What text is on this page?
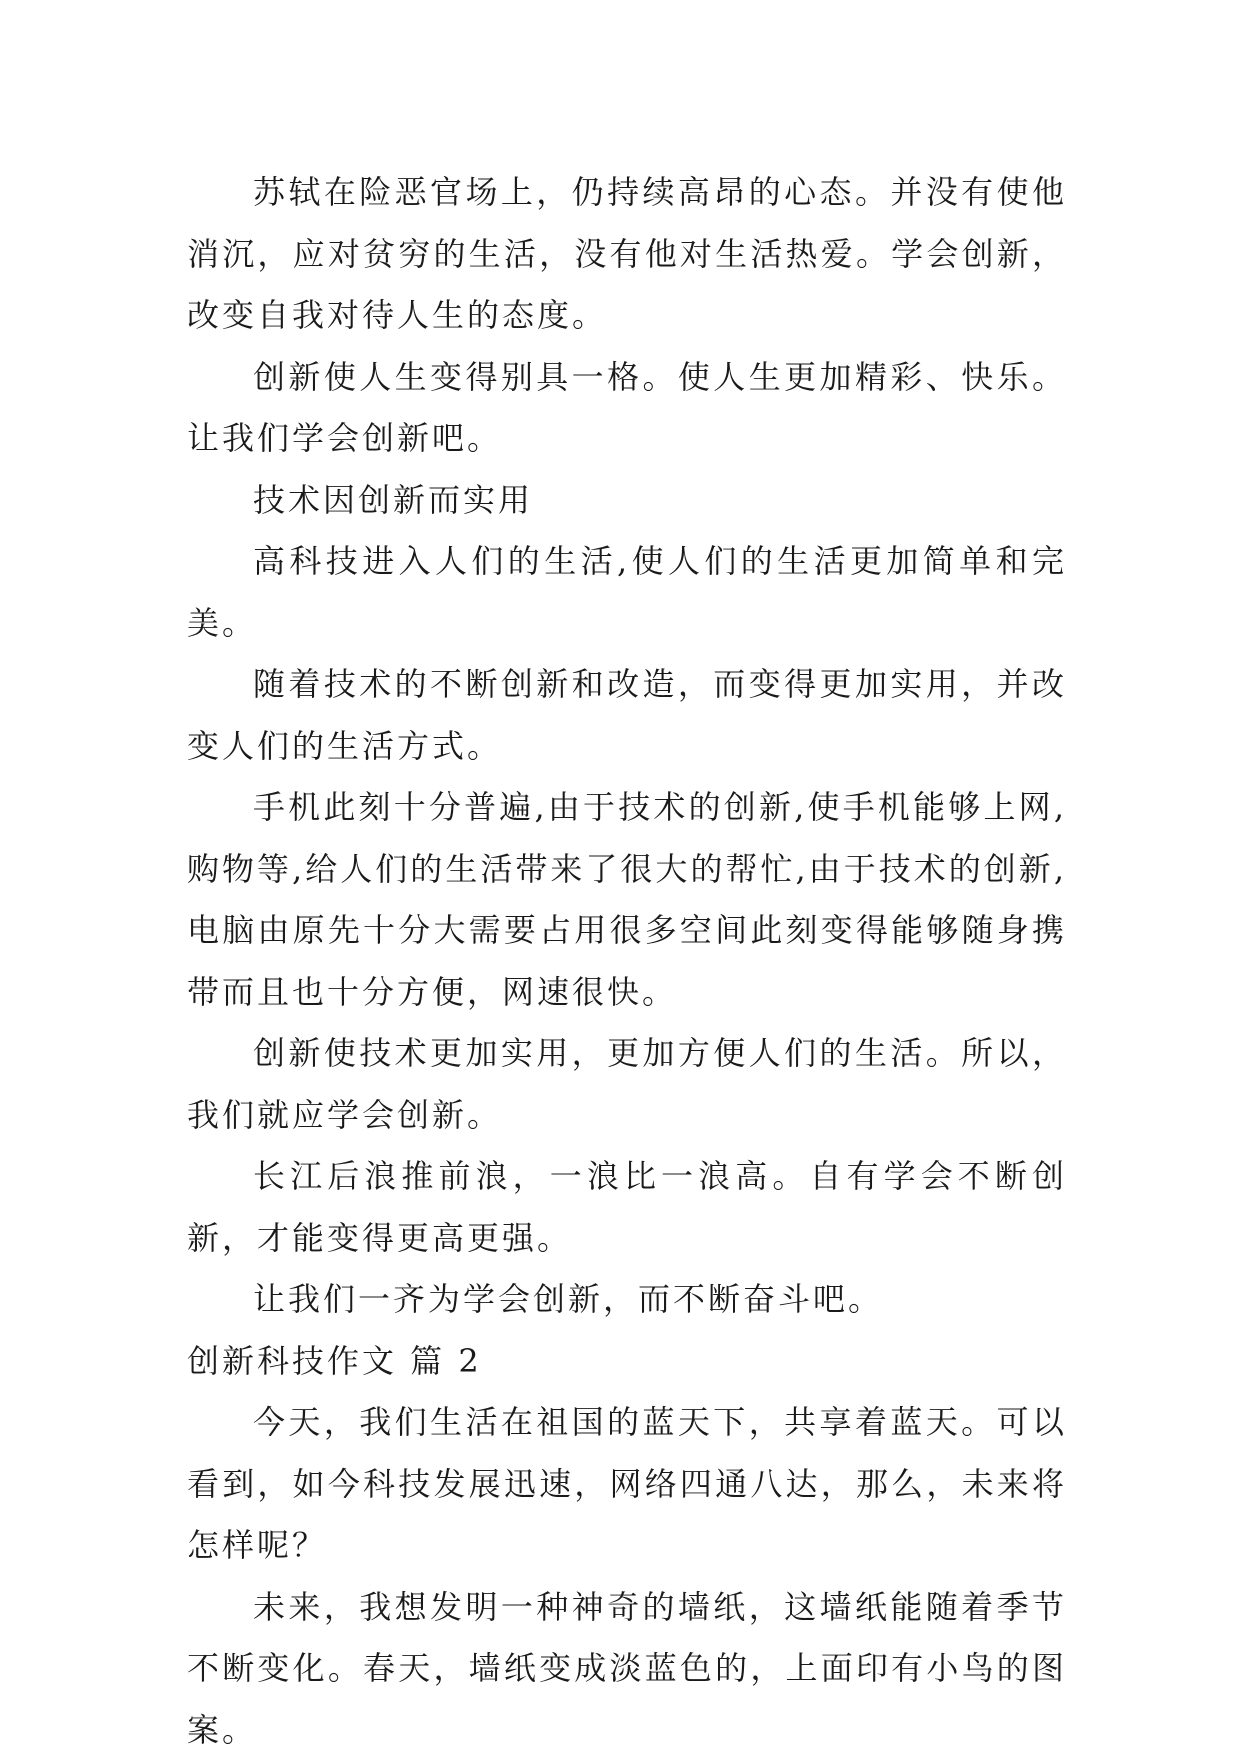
苏轼在险恶官场上，仍持续高昂的心态。并没有使他消沉，应对贫穷的生活，没有他对生活热爱。学会创新，改变自我对待人生的态度。

创新使人生变得别具一格。使人生更加精彩、快乐。让我们学会创新吧。

技术因创新而实用

高科技进入人们的生活,使人们的生活更加简单和完美。

随着技术的不断创新和改造，而变得更加实用，并改变人们的生活方式。

手机此刻十分普遍,由于技术的创新,使手机能够上网,购物等,给人们的生活带来了很大的帮忙,由于技术的创新,电脑由原先十分大需要占用很多空间此刻变得能够随身携带而且也十分方便，网速很快。

创新使技术更加实用，更加方便人们的生活。所以，我们就应学会创新。

长江后浪推前浪，一浪比一浪高。自有学会不断创新，才能变得更高更强。

让我们一齐为学会创新，而不断奋斗吧。

创新科技作文 篇 2

今天，我们生活在祖国的蓝天下，共享着蓝天。可以看到，如今科技发展迅速，网络四通八达，那么，未来将怎样呢？

未来，我想发明一种神奇的墙纸，这墙纸能随着季节不断变化。春天，墙纸变成淡蓝色的，上面印有小鸟的图案。
